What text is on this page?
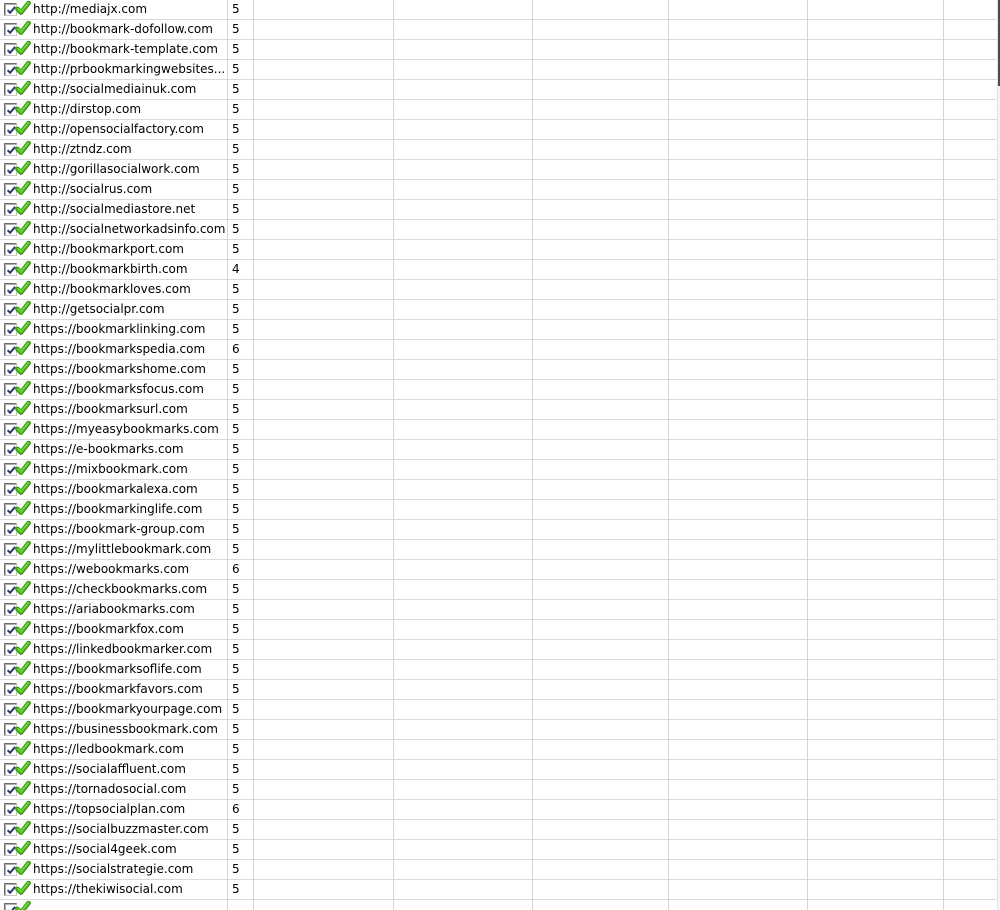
http://mediajx.com	5
http://bookmark-dofollow.com 5
http://bookmark-template.com 5
http://prbookmarkingwebsites... 5
http://socialmediainuk.com	5
http://dirstop.com	5
http://opensocialfactory.com 5
http://ztndz.com	5
http://gorillasocialwork.com	5
http://socialrus.com	5
http://socialmediastore.net	5
http://socialnetworkadsinfo.com 5
http://bookmarkport.com	5
http://bookmarkbirth.com	4
http://bookmarkloves.com	5
http://getsocialpr.com	5
https://bookmarklinking.com 5
https://bookmarkspedia.com 6
https://bookmarkshome.com 5
https://bookmarksfocus.com 5
https://bookmarksurl.com	5
https://myeasybookmarks.com 5
https://e-bookmarks.com	5
https://mixbookmark.com	5
https://bookmarkalexa.com	5
https://bookmarkinglife.com 5
https://bookmark-group.com 5
https://mylittlebookmark.com 5
https://webookmarks.com	6
https://checkbookmarks.com 5
https://ariabookmarks.com	5
https://bookmarkfox.com	5
https://linkedbookmarker.com 5
https://bookmarksoflife.com	5
https://bookmarkfavors.com 5
https://bookmarkyourpage.com 5
https://businessbookmark.com 5
https://ledbookmark.com	5
https://socialaffluent.com	5
https://tornadosocial.com	5
https://topsocialplan.com	6
https://socialbuzzmaster.com 5
https://social4geek.com	5
https://socialstrategie.com	5
https://thekiwisocial.com	5
